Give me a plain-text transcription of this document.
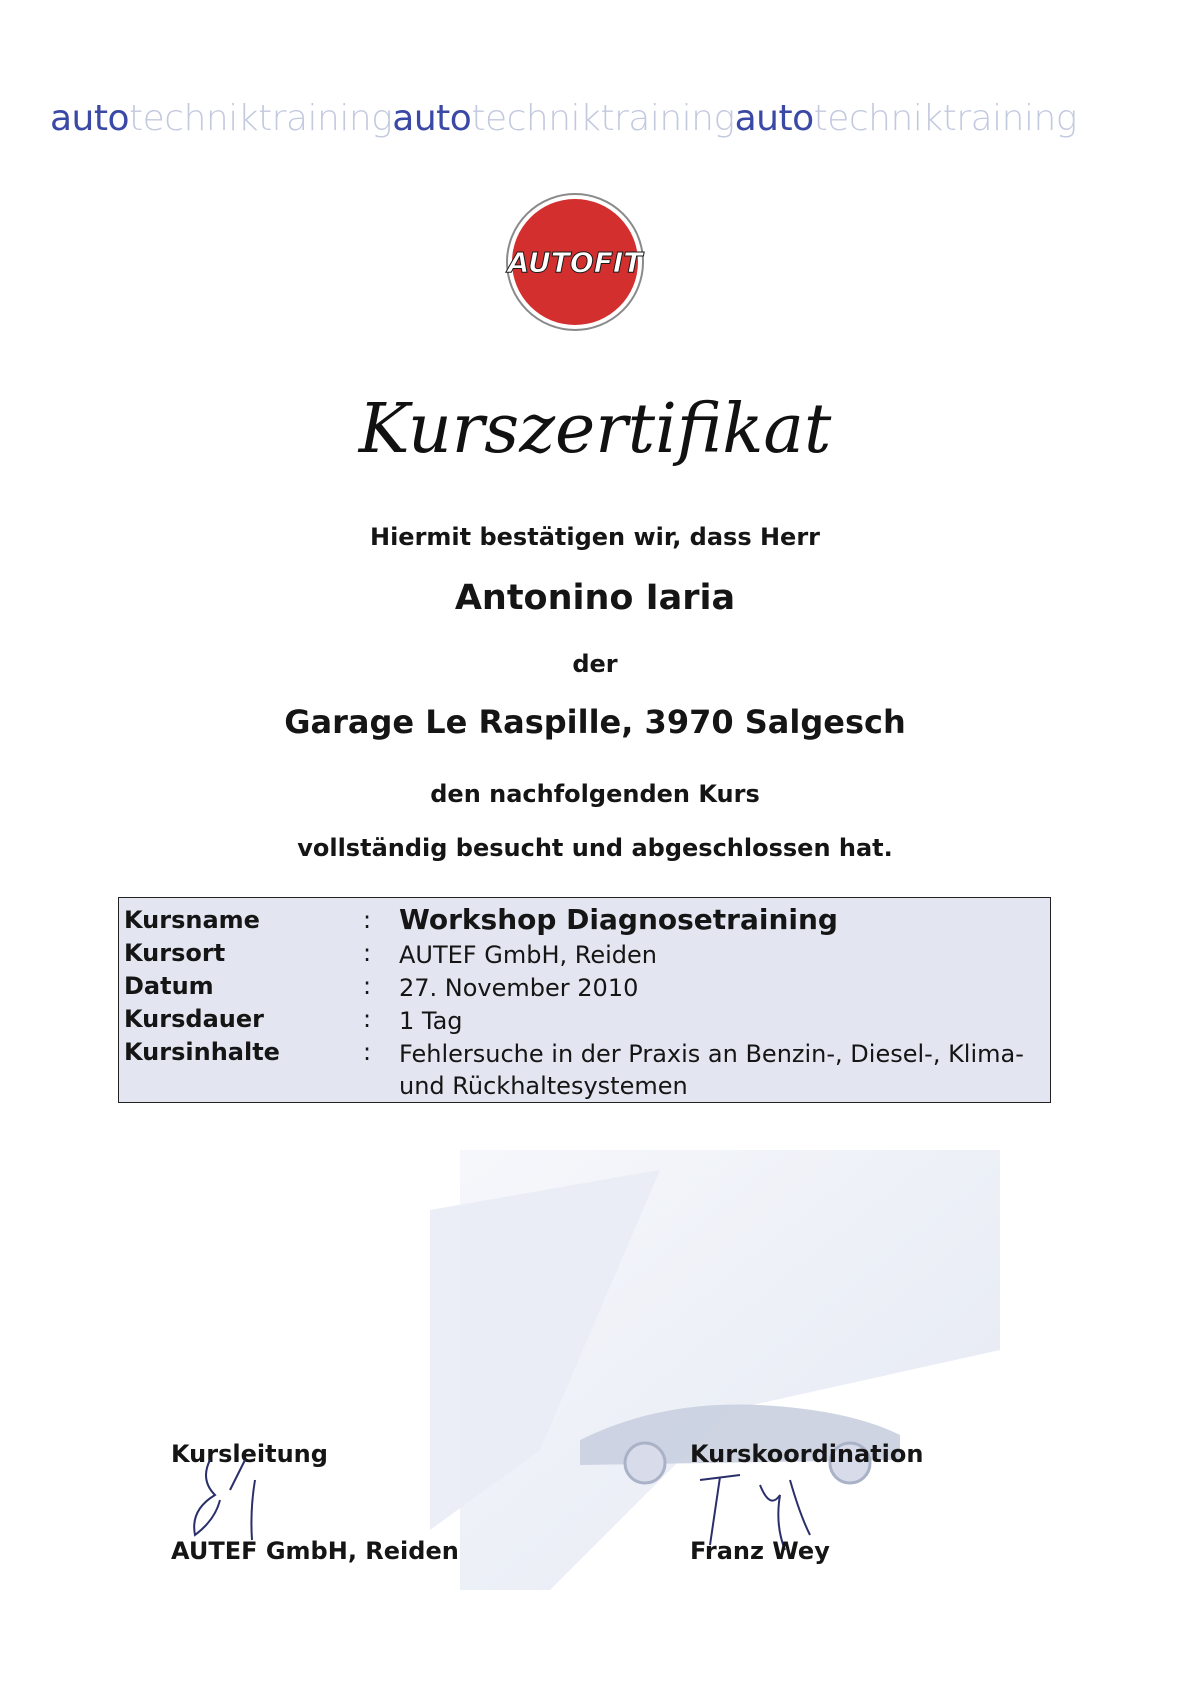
autotechniktrainingautotechniktrainingautotechniktraining
AUTOFIT
Kurszertifikat
Hiermit bestätigen wir, dass Herr
Antonino Iaria
der
Garage Le Raspille, 3970 Salgesch
den nachfolgenden Kurs
vollständig besucht und abgeschlossen hat.
Kursname	: Workshop Diagnosetraining
Kursort	: AUTEF GmbH, Reiden
Datum	: 27. November 2010
Kursdauer	: 1 Tag
Kursinhalte	: Fehlersuche in der Praxis an Benzin-, Diesel-, Klima- und Rückhaltesystemen
Kursleitung
AUTEF GmbH, Reiden
Kurskoordination
Franz Wey
